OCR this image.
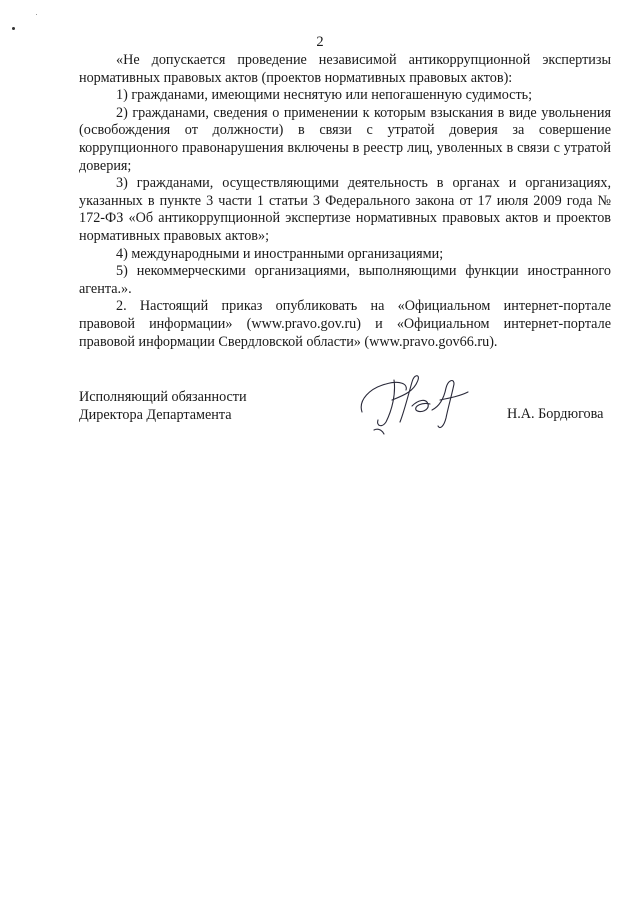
2

«Не допускается проведение независимой антикоррупционной экспертизы нормативных правовых актов (проектов нормативных правовых актов):

1) гражданами, имеющими неснятую или непогашенную судимость;

2) гражданами, сведения о применении к которым взыскания в виде увольнения (освобождения от должности) в связи с утратой доверия за совершение коррупционного правонарушения включены в реестр лиц, уволенных в связи с утратой доверия;

3) гражданами, осуществляющими деятельность в органах и организациях, указанных в пункте 3 части 1 статьи 3 Федерального закона от 17 июля 2009 года № 172-ФЗ «Об антикоррупционной экспертизе нормативных правовых актов и проектов нормативных правовых актов»;

4) международными и иностранными организациями;

5) некоммерческими организациями, выполняющими функции иностранного агента.».

2. Настоящий приказ опубликовать на «Официальном интернет-портале правовой информации» (www.pravo.gov.ru) и «Официальном интернет-портале правовой информации Свердловской области» (www.pravo.gov66.ru).

Исполняющий обязанности
Директора Департамента	Н.А. Бордюгова
